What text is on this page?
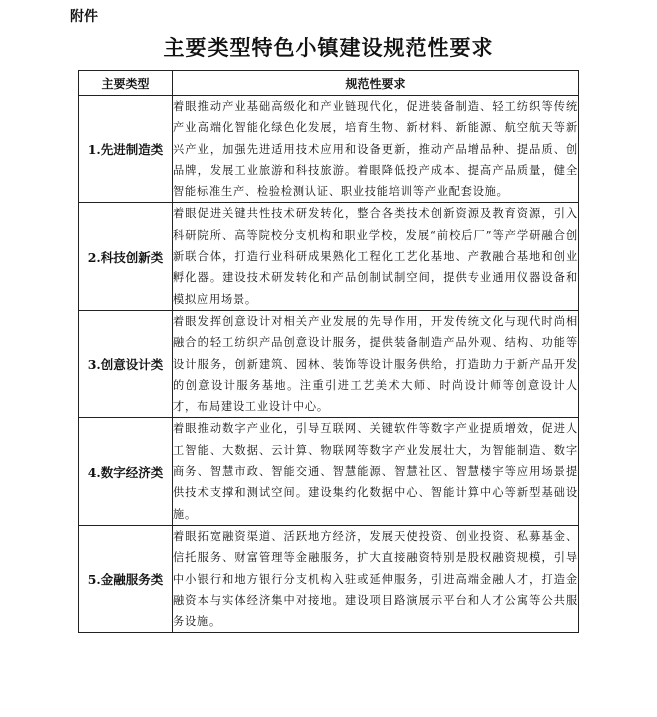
附件
主要类型特色小镇建设规范性要求
主要类型	规范性要求
1.先进制造类	着眼推动产业基础高级化和产业链现代化，促进装备制造、轻工纺织等传统产业高端化智能化绿色化发展，培育生物、新材料、新能源、航空航天等新兴产业，加强先进适用技术应用和设备更新，推动产品增品种、提品质、创品牌，发展工业旅游和科技旅游。着眼降低投产成本、提高产品质量，健全智能标准生产、检验检测认证、职业技能培训等产业配套设施。
2.科技创新类	着眼促进关键共性技术研发转化，整合各类技术创新资源及教育资源，引入科研院所、高等院校分支机构和职业学校，发展“前校后厂”等产学研融合创新联合体，打造行业科研成果熟化工程化工艺化基地、产教融合基地和创业孵化器。建设技术研发转化和产品创制试制空间，提供专业通用仪器设备和模拟应用场景。
3.创意设计类	着眼发挥创意设计对相关产业发展的先导作用，开发传统文化与现代时尚相融合的轻工纺织产品创意设计服务，提供装备制造产品外观、结构、功能等设计服务，创新建筑、园林、装饰等设计服务供给，打造助力于新产品开发的创意设计服务基地。注重引进工艺美术大师、时尚设计师等创意设计人才，布局建设工业设计中心。
4.数字经济类	着眼推动数字产业化，引导互联网、关键软件等数字产业提质增效，促进人工智能、大数据、云计算、物联网等数字产业发展壮大，为智能制造、数字商务、智慧市政、智能交通、智慧能源、智慧社区、智慧楼宇等应用场景提供技术支撑和测试空间。建设集约化数据中心、智能计算中心等新型基础设施。
5.金融服务类	着眼拓宽融资渠道、活跃地方经济，发展天使投资、创业投资、私募基金、信托服务、财富管理等金融服务，扩大直接融资特别是股权融资规模，引导中小银行和地方银行分支机构入驻或延伸服务，引进高端金融人才，打造金融资本与实体经济集中对接地。建设项目路演展示平台和人才公寓等公共服务设施。
